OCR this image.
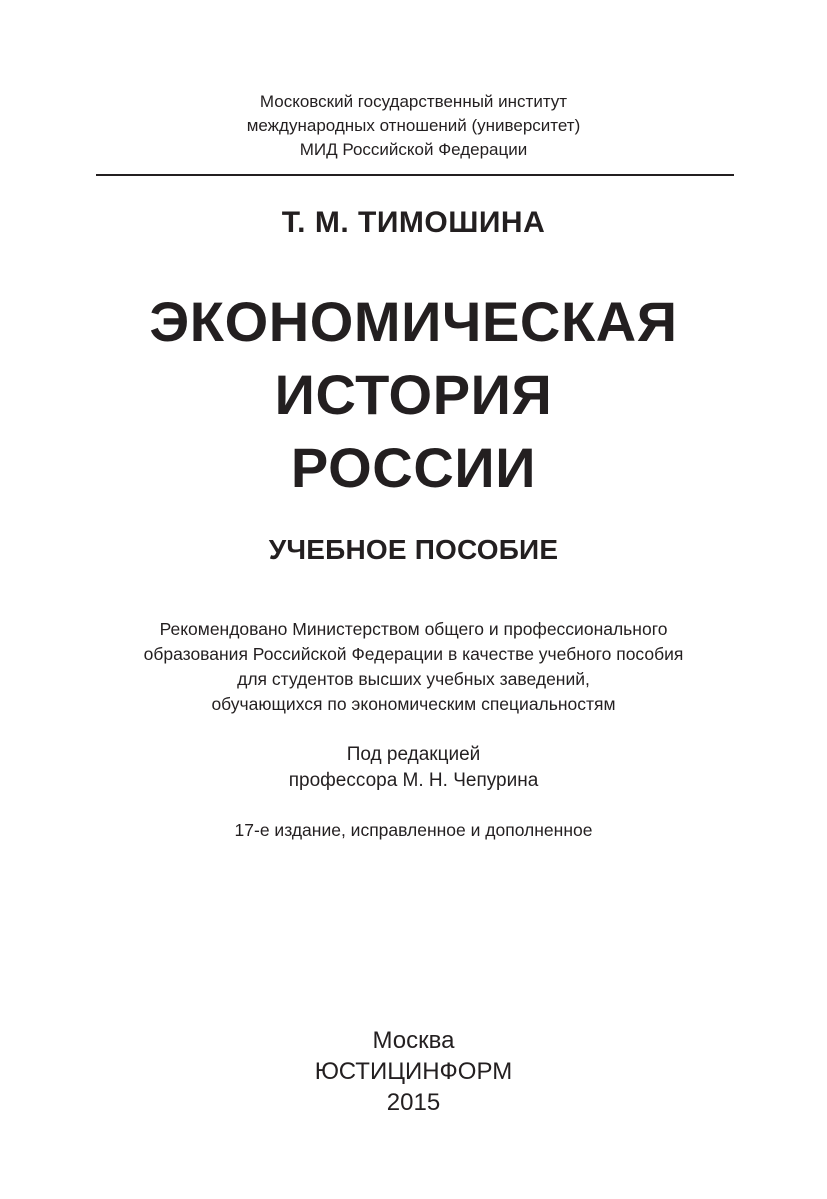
Московский государственный институт
международных отношений (университет)
МИД Российской Федерации
Т. М. ТИМОШИНА
ЭКОНОМИЧЕСКАЯ
ИСТОРИЯ
РОССИИ
УЧЕБНОЕ ПОСОБИЕ
Рекомендовано Министерством общего и профессионального
образования Российской Федерации в качестве учебного пособия
для студентов высших учебных заведений,
обучающихся по экономическим специальностям
Под редакцией
профессора М. Н. Чепурина
17-е издание, исправленное и дополненное
Москва
ЮСТИЦИНФОРМ
2015
